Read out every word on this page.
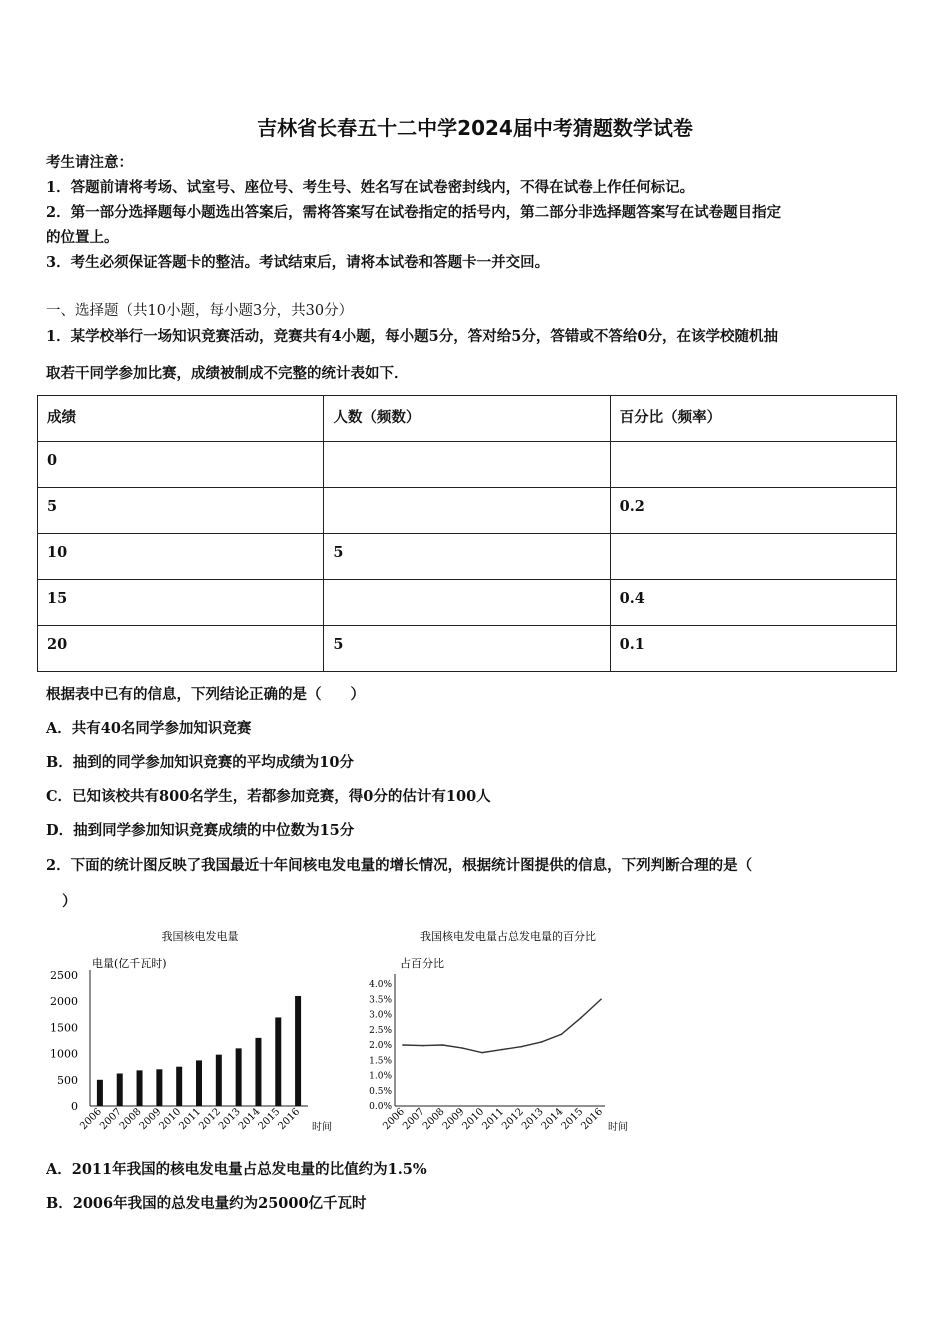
吉林省长春五十二中学2024届中考猜题数学试卷
考生请注意：
1．答题前请将考场、试室号、座位号、考生号、姓名写在试卷密封线内，不得在试卷上作任何标记。
2．第一部分选择题每小题选出答案后，需将答案写在试卷指定的括号内，第二部分非选择题答案写在试卷题目指定
的位置上。
3．考生必须保证答题卡的整洁。考试结束后，请将本试卷和答题卡一并交回。
一、选择题（共10小题，每小题3分，共30分）
1．某学校举行一场知识竞赛活动，竞赛共有4小题，每小题5分，答对给5分，答错或不答给0分，在该学校随机抽
取若干同学参加比赛，成绩被制成不完整的统计表如下．
成绩	人数（频数）	百分比（频率）
0		
5		0.2
10	5	
15		0.4
20	5	0.1
根据表中已有的信息，下列结论正确的是（　　）
A．共有40名同学参加知识竞赛
B．抽到的同学参加知识竞赛的平均成绩为10分
C．已知该校共有800名学生，若都参加竞赛，得0分的估计有100人
D．抽到同学参加知识竞赛成绩的中位数为15分
2．下面的统计图反映了我国最近十年间核电发电量的增长情况，根据统计图提供的信息，下列判断合理的是（
）
我国核电发电量
电量(亿千瓦时)
时间
0
500
1000
1500
2000
2500
2006
2007
2008
2009
2010
2011
2012
2013
2014
2015
2016
我国核电发电量占总发电量的百分比
占百分比
时间
0.0%
0.5%
1.0%
1.5%
2.0%
2.5%
3.0%
3.5%
4.0%
2006
2007
2008
2009
2010
2011
2012
2013
2014
2015
2016
A．2011年我国的核电发电量占总发电量的比值约为1.5%
B．2006年我国的总发电量约为25000亿千瓦时
